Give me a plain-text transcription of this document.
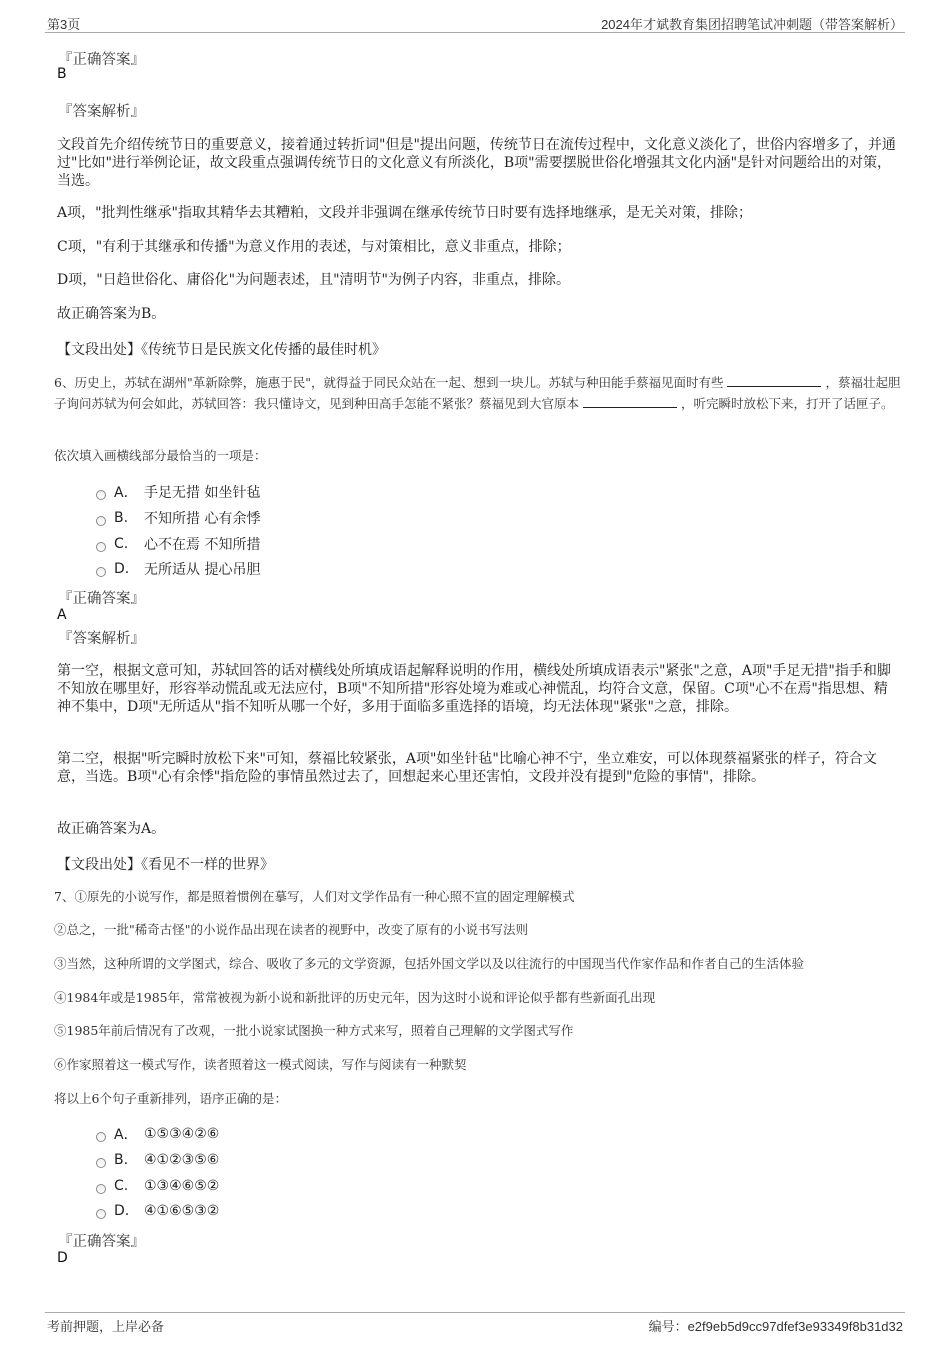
第3页	2024年才斌教育集团招聘笔试冲刺题（带答案解析）
『正确答案』
B
『答案解析』

文段首先介绍传统节日的重要意义，接着通过转折词"但是"提出问题，传统节日在流传过程中，文化意义淡化了，世俗内容增多了，并通过"比如"进行举例论证，故文段重点强调传统节日的文化意义有所淡化，B项"需要摆脱世俗化增强其文化内涵"是针对问题给出的对策，当选。

A项，"批判性继承"指取其精华去其糟粕，文段并非强调在继承传统节日时要有选择地继承，是无关对策，排除；

C项，"有利于其继承和传播"为意义作用的表述，与对策相比，意义非重点，排除；

D项，"日趋世俗化、庸俗化"为问题表述，且"清明节"为例子内容，非重点，排除。

故正确答案为B。

【文段出处】《传统节日是民族文化传播的最佳时机》

6、历史上，苏轼在湖州"革新除弊，施惠于民"，就得益于同民众站在一起、想到一块儿。苏轼与种田能手蔡福见面时有些	，蔡福壮起胆子询问苏轼为何会如此，苏轼回答：我只懂诗文，见到种田高手怎能不紧张？蔡福见到大官原本	，听完瞬时放松下来，打开了话匣子。

依次填入画横线部分最恰当的一项是：
A． 手足无措 如坐针毡
B.	不知所措 心有余悸
C.	心不在焉 不知所措
D.	无所适从 提心吊胆
『正确答案』
A
『答案解析』

第一空，根据文意可知，苏轼回答的话对横线处所填成语起解释说明的作用，横线处所填成语表示"紧张"之意，A项"手足无措"指手和脚不知放在哪里好，形容举动慌乱或无法应付，B项"不知所措"形容处境为难或心神慌乱，均符合文意，保留。C项"心不在焉"指思想、精神不集中，D项"无所适从"指不知听从哪一个好，多用于面临多重选择的语境，均无法体现"紧张"之意，排除。

第二空，根据"听完瞬时放松下来"可知，蔡福比较紧张，A项"如坐针毡"比喻心神不宁，坐立难安，可以体现蔡福紧张的样子，符合文意，当选。B项"心有余悸"指危险的事情虽然过去了，回想起来心里还害怕，文段并没有提到"危险的事情"，排除。

故正确答案为A。

【文段出处】《看见不一样的世界》
7、①原先的小说写作，都是照着惯例在摹写，人们对文学作品有一种心照不宣的固定理解模式
②总之，一批"稀奇古怪"的小说作品出现在读者的视野中，改变了原有的小说书写法则
③当然，这种所谓的文学图式，综合、吸收了多元的文学资源，包括外国文学以及以往流行的中国现当代作家作品和作者自己的生活体验
④1984年或是1985年，常常被视为新小说和新批评的历史元年，因为这时小说和评论似乎都有些新面孔出现
⑤1985年前后情况有了改观，一批小说家试图换一种方式来写，照着自己理解的文学图式写作
⑥作家照着这一模式写作，读者照着这一模式阅读，写作与阅读有一种默契
将以上6个句子重新排列，语序正确的是：
A． ①⑤③④②⑥
B.	④①②③⑤⑥
C.	①③④⑥⑤②
D.	④①⑥⑤③②
『正确答案』
D
考前押题，上岸必备	编号：e2f9eb5d9cc97dfef3e93349f8b31d32
